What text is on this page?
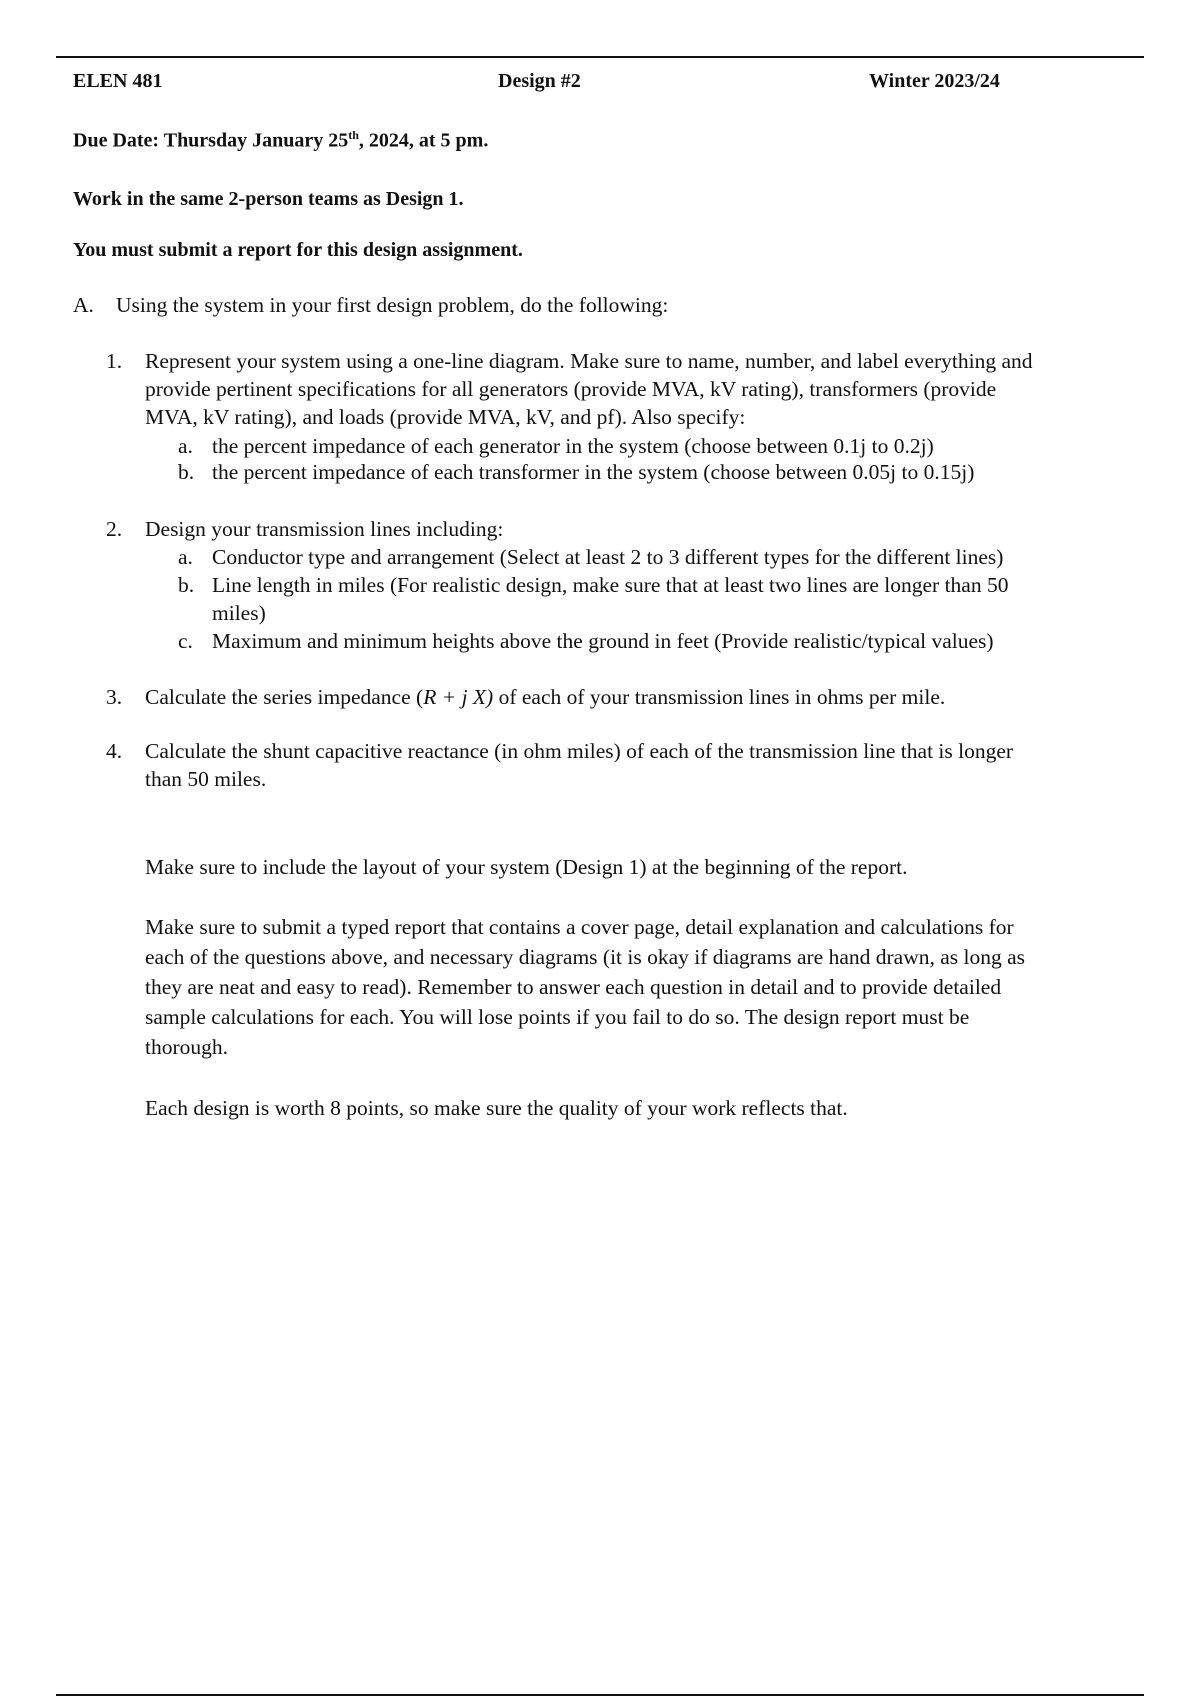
ELEN 481	Design #2	Winter 2023/24
Due Date: Thursday January 25th, 2024, at 5 pm.
Work in the same 2-person teams as Design 1.
You must submit a report for this design assignment.
A. Using the system in your first design problem, do the following:
1. Represent your system using a one-line diagram. Make sure to name, number, and label everything and

provide pertinent specifications for all generators (provide MVA, kV rating), transformers (provide

MVA, kV rating), and loads (provide MVA, kV, and pf). Also specify:

a. the percent impedance of each generator in the system (choose between 0.1j to 0.2j)
b. the percent impedance of each transformer in the system (choose between 0.05j to 0.15j)
2. Design your transmission lines including:

a. Conductor type and arrangement (Select at least 2 to 3 different types for the different lines)
b. Line length in miles (For realistic design, make sure that at least two lines are longer than 50
miles)
c. Maximum and minimum heights above the ground in feet (Provide realistic/typical values)
3. Calculate the series impedance (R + j X) of each of your transmission lines in ohms per mile.
4. Calculate the shunt capacitive reactance (in ohm miles) of each of the transmission line that is longer

than 50 miles.

Make sure to include the layout of your system (Design 1) at the beginning of the report.

Make sure to submit a typed report that contains a cover page, detail explanation and calculations for

each of the questions above, and necessary diagrams (it is okay if diagrams are hand drawn, as long as

they are neat and easy to read). Remember to answer each question in detail and to provide detailed

sample calculations for each. You will lose points if you fail to do so. The design report must be

thorough.

Each design is worth 8 points, so make sure the quality of your work reflects that.
